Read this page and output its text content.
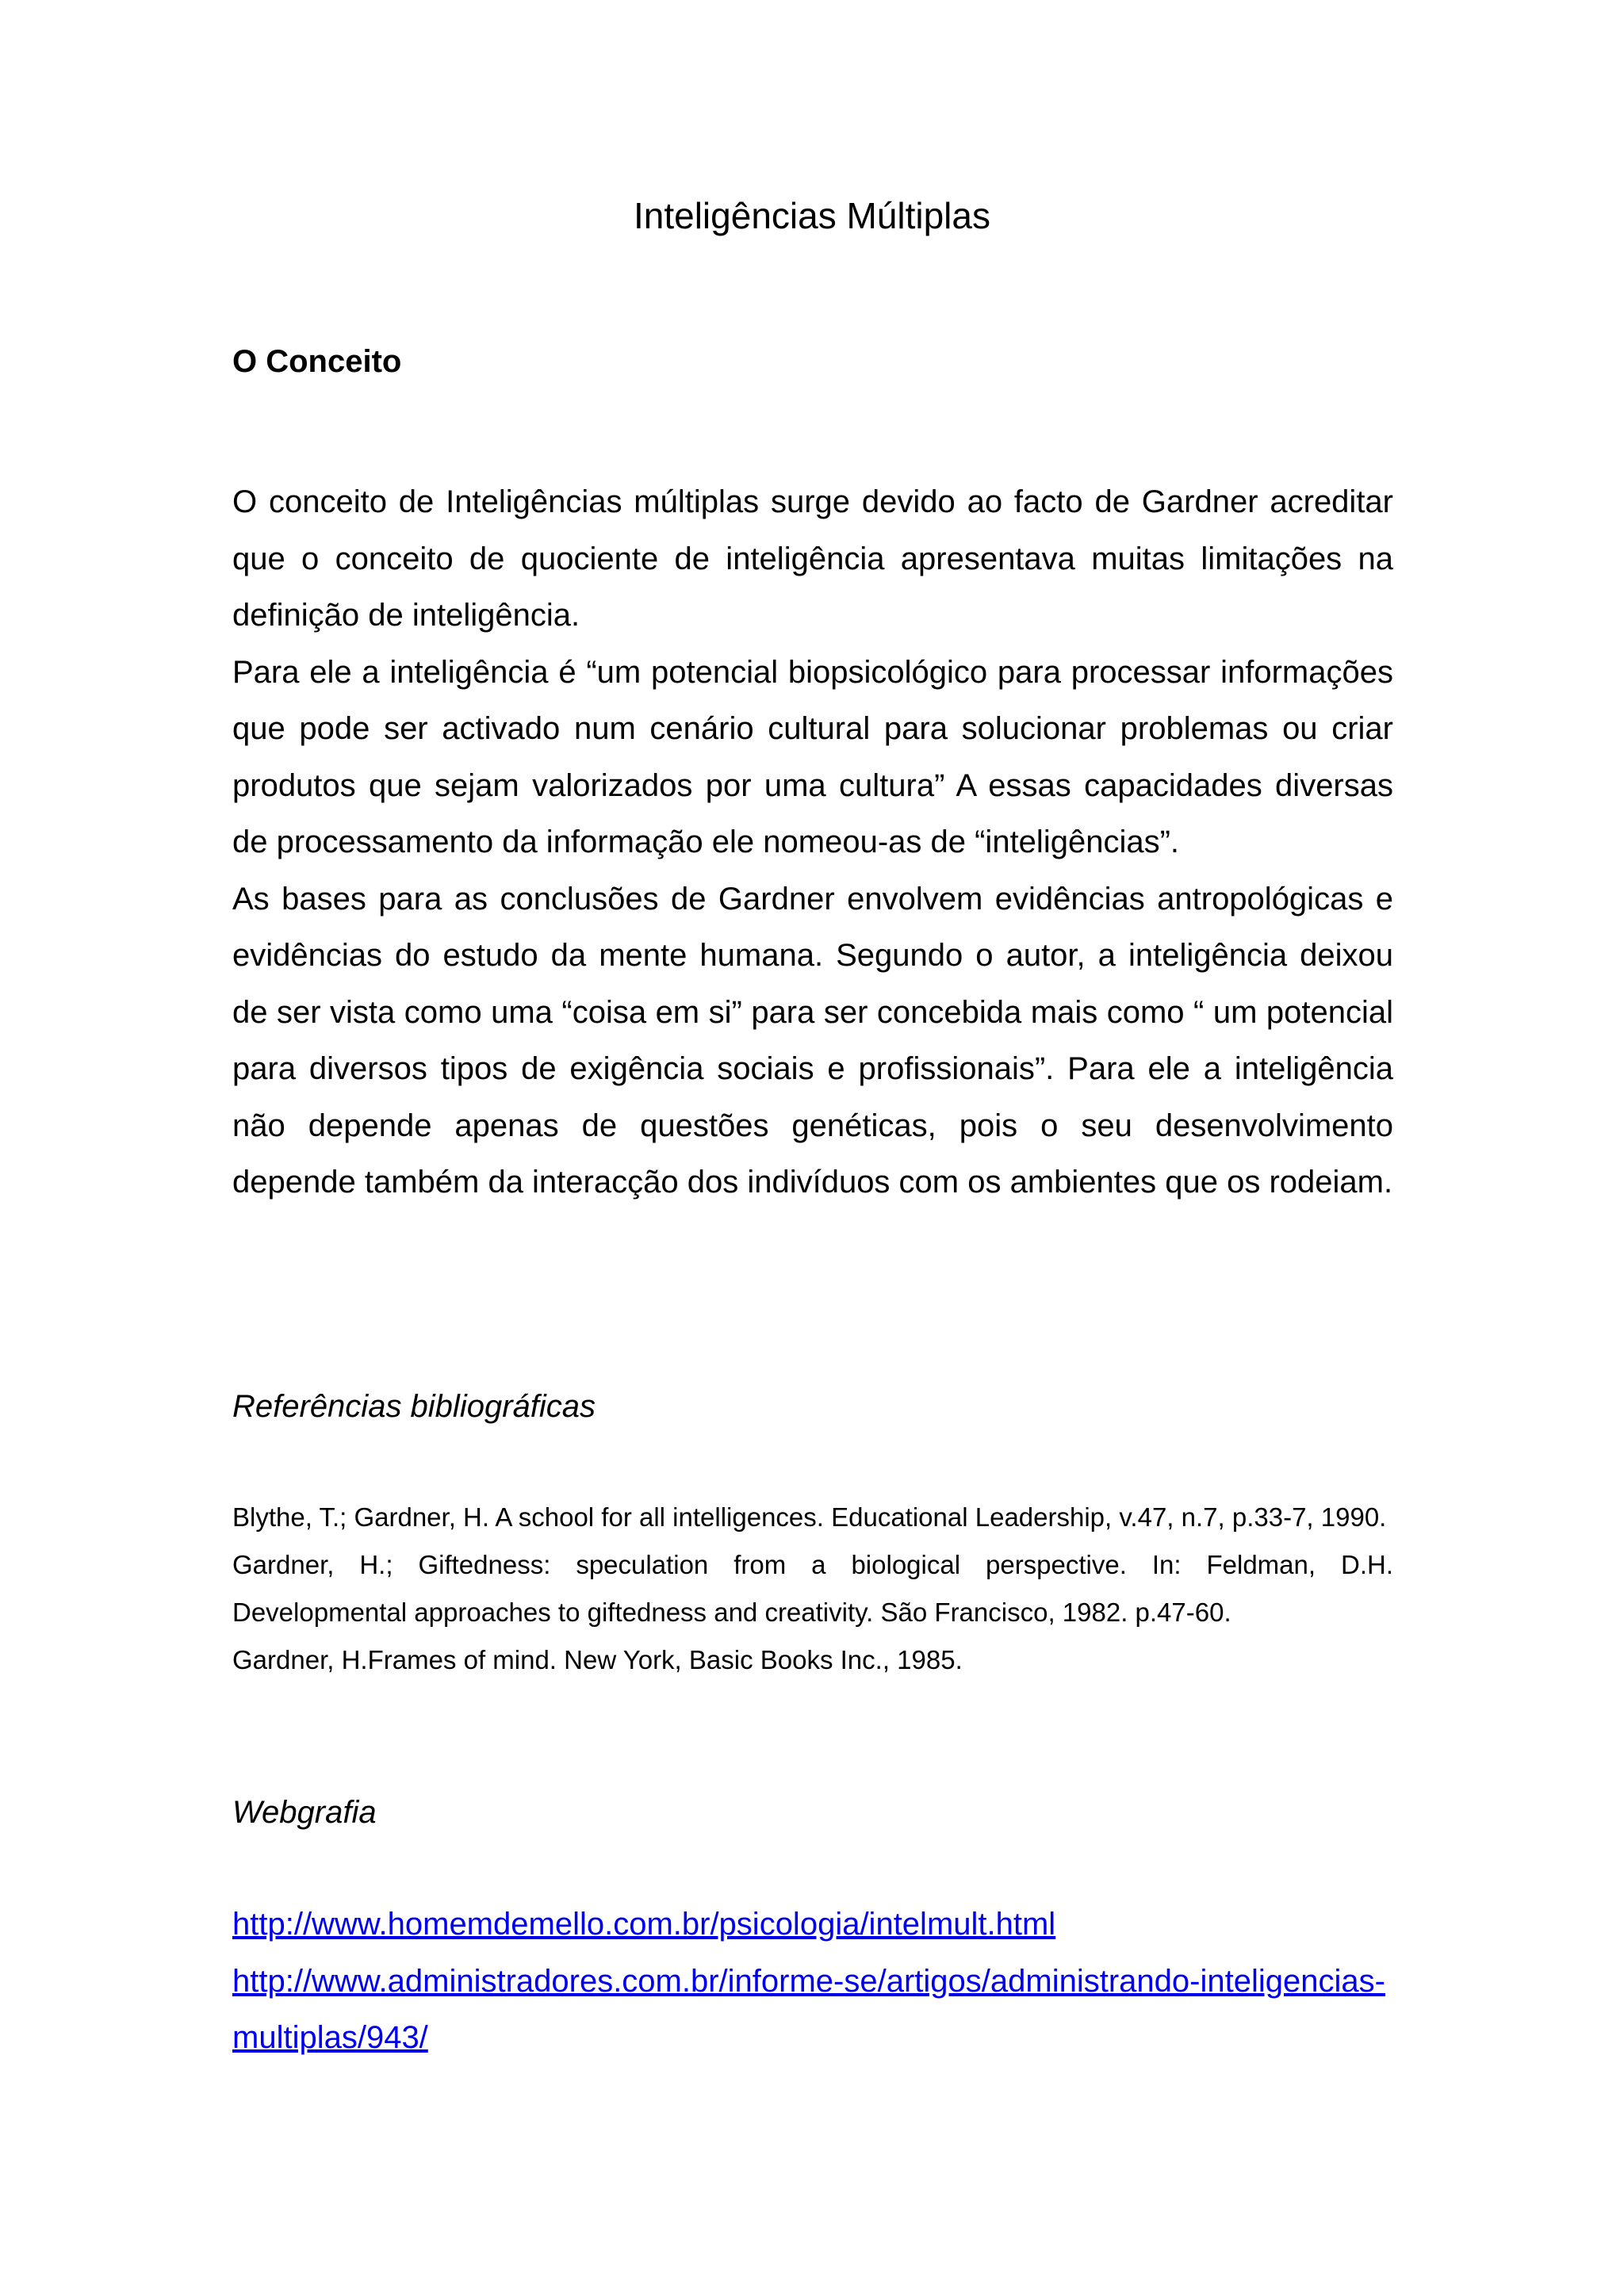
Inteligências Múltiplas
O Conceito

O conceito de Inteligências múltiplas surge devido ao facto de Gardner acreditar que o conceito de quociente de inteligência apresentava muitas limitações na definição de inteligência.

Para ele a inteligência é “um potencial biopsicológico para processar informações que pode ser activado num cenário cultural para solucionar problemas ou criar produtos que sejam valorizados por uma cultura” A essas capacidades diversas de processamento da informação ele nomeou-as de “inteligências”.

As bases para as conclusões de Gardner envolvem evidências antropológicas e evidências do estudo da mente humana. Segundo o autor, a inteligência deixou de ser vista como uma “coisa em si” para ser concebida mais como “ um potencial para diversos tipos de exigência sociais e profissionais”. Para ele a inteligência não depende apenas de questões genéticas, pois o seu desenvolvimento depende também da interacção dos indivíduos com os ambientes que os rodeiam.

Referências bibliográficas

Blythe, T.; Gardner, H. A school for all intelligences. Educational Leadership, v.47, n.7, p.33-7, 1990.

Gardner, H.; Giftedness: speculation from a biological perspective. In: Feldman, D.H. Developmental approaches to giftedness and creativity. São Francisco, 1982. p.47-60.

Gardner, H.Frames of mind. New York, Basic Books Inc., 1985.

Webgrafia
http://www.homemdemello.com.br/psicologia/intelmult.html
http://www.administradores.com.br/informe-se/artigos/administrando-inteligencias-multiplas/943/
